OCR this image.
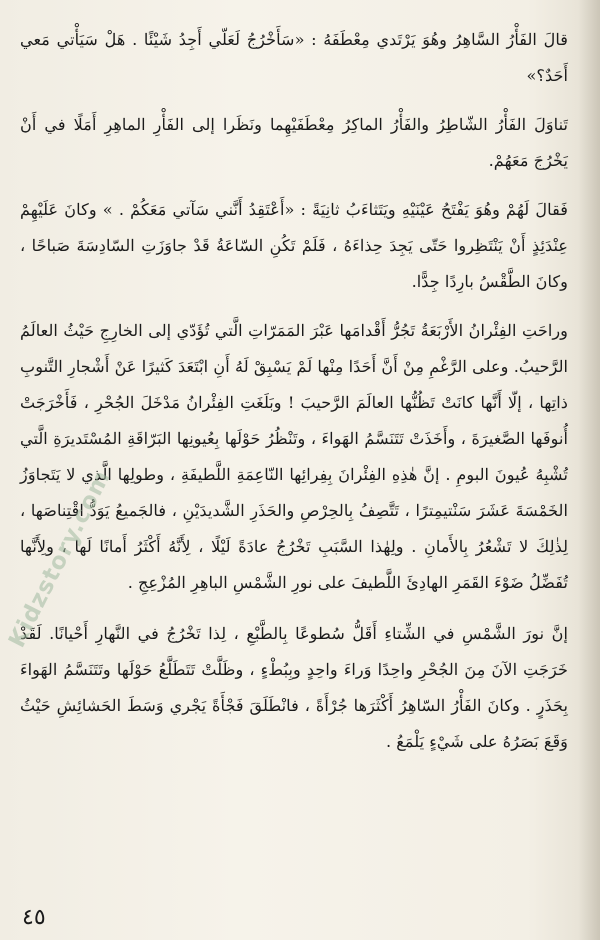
قالَ الفَأْرُ السَّاهِرُ وهُوَ يَرْتَدي مِعْطَفَهُ : «سَأَخْرُجُ لَعَلّي أَجِدُ شَيْئًا . هَلْ سَيَأْتي مَعي أَحَدٌ؟»

تَناوَلَ الفَأْرُ الشّاطِرُ والفَأْرُ الماكِرُ مِعْطَفَيْهِما ونَظَرا إلى الفَأْرِ الماهِرِ أَمَلًا في أَنْ يَخْرُجَ مَعَهُمْ.

فَقالَ لَهُمْ وهُوَ يَفْتَحُ عَيْنَيْهِ ويَتَثاءَبُ ثانِيَةً : «أَعْتَقِدُ أَنَّني سَآتي مَعَكُمْ . » وكانَ عَلَيْهِمْ عِنْدَئِذٍ أَنْ يَنْتَظِروا حَتّى يَجِدَ حِذاءَهُ ، فَلَمْ تَكُنِ السّاعَةُ قَدْ جاوَزَتِ السّادِسَةَ صَباحًا ، وكانَ الطَّقْسُ بارِدًا جِدًّا.

وراحَتِ الفِئْرانُ الأَرْبَعَةُ تَجُرُّ أَقْدامَها عَبْرَ المَمَرّاتِ الَّتي تُؤَدّي إلى الخارِجِ حَيْثُ العالَمُ الرَّحيبُ. وعلى الرَّغْمِ مِنْ أَنَّ أَحَدًا مِنْها لَمْ يَسْبِقْ لَهُ أَنِ ابْتَعَدَ كَثيرًا عَنْ أَشْجارِ التَّنوبِ ذاتِها ، إلّا أَنَّها كانَتْ تَظُنُّها العالَمَ الرَّحيبَ ! وبَلَغَتِ الفِئْرانُ مَدْخَلَ الجُحْرِ ، فَأَخْرَجَتْ أُنوفَها الصَّغيرَةَ ، وأَخَذَتْ تَتَنَسَّمُ الهَواءَ ، وتَنْظُرُ حَوْلَها بِعُيونِها البَرّاقَةِ المُسْتَديرَةِ الَّتي تُشْبِهُ عُيونَ البومِ . إنَّ هٰذِهِ الفِئْرانَ بِفِرائِها النّاعِمَةِ اللَّطيفَةِ ، وطولِها الَّذي لا يَتَجاوَزُ الخَمْسَةَ عَشَرَ سَنْتيمِترًا ، تَتَّصِفُ بِالحِرْصِ والحَذَرِ الشَّديدَيْنِ ، فالجَميعُ يَوَدُّ اقْتِناصَها ، لِذٰلِكَ لا تَشْعُرُ بِالأَمانِ . ولِهٰذا السَّبَبِ تَخْرُجُ عادَةً لَيْلًا ، لِأَنَّهُ أَكْثَرُ أَمانًا لَها ، ولِأَنَّها تُفَضِّلُ ضَوْءَ القَمَرِ الهادِئَ اللَّطيفَ على نورِ الشَّمْسِ الباهِرِ المُزْعِجِ .

إنَّ نورَ الشَّمْسِ في الشِّتاءِ أَقَلُّ سُطوعًا بِالطَّبْعِ ، لِذا تَخْرُجُ في النَّهارِ أَحْيانًا. لَقَدْ خَرَجَتِ الآنَ مِنَ الجُحْرِ واحِدًا وَراءَ واحِدٍ وبِبُطْءٍ ، وظَلَّتْ تَتَطَلَّعُ حَوْلَها وتَتَنَسَّمُ الهَواءَ بِحَذَرٍ . وكانَ الفَأْرُ السّاهِرُ أَكْثَرَها جُرْأَةً ، فانْطَلَقَ فَجْأَةً يَجْري وَسَطَ الحَشائِشِ حَيْثُ وَقَعَ بَصَرُهُ على شَيْءٍ يَلْمَعُ .

Kidzstory.com
٤٥
